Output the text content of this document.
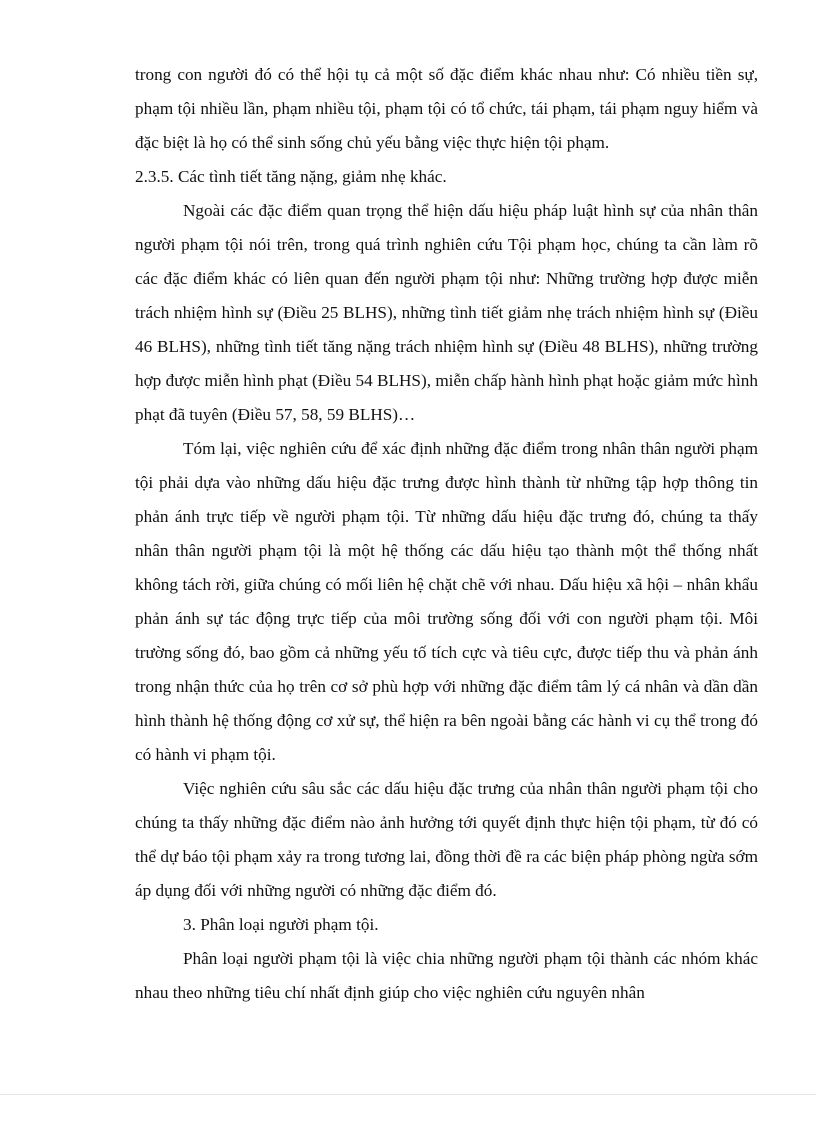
trong con người đó có thể hội tụ cả một số đặc điểm khác nhau như: Có nhiều tiền sự, phạm tội nhiều lần, phạm nhiều tội, phạm tội có tổ chức, tái phạm, tái phạm nguy hiểm và đặc biệt là họ có thể sinh sống chủ yếu bằng việc thực hiện tội phạm.

2.3.5. Các tình tiết tăng nặng, giảm nhẹ khác.

Ngoài các đặc điểm quan trọng thể hiện dấu hiệu pháp luật hình sự của nhân thân người phạm tội nói trên, trong quá trình nghiên cứu Tội phạm học, chúng ta cần làm rõ các đặc điểm khác có liên quan đến người phạm tội như: Những trường hợp được miễn trách nhiệm hình sự (Điều 25 BLHS), những tình tiết giảm nhẹ trách nhiệm hình sự (Điều 46 BLHS), những tình tiết tăng nặng trách nhiệm hình sự (Điều 48 BLHS), những trường hợp được miễn hình phạt (Điều 54 BLHS), miễn chấp hành hình phạt hoặc giảm mức hình phạt đã tuyên (Điều 57, 58, 59 BLHS)…

Tóm lại, việc nghiên cứu để xác định những đặc điểm trong nhân thân người phạm tội phải dựa vào những dấu hiệu đặc trưng được hình thành từ những tập hợp thông tin phản ánh trực tiếp về người phạm tội. Từ những dấu hiệu đặc trưng đó, chúng ta thấy nhân thân người phạm tội là một hệ thống các dấu hiệu tạo thành một thể thống nhất không tách rời, giữa chúng có mối liên hệ chặt chẽ với nhau. Dấu hiệu xã hội – nhân khẩu phản ánh sự tác động trực tiếp của môi trường sống đối với con người phạm tội. Môi trường sống đó, bao gồm cả những yếu tố tích cực và tiêu cực, được tiếp thu và phản ánh trong nhận thức của họ trên cơ sở phù hợp với những đặc điểm tâm lý cá nhân và dần dần hình thành hệ thống động cơ xử sự, thể hiện ra bên ngoài bằng các hành vi cụ thể trong đó có hành vi phạm tội.

Việc nghiên cứu sâu sắc các dấu hiệu đặc trưng của nhân thân người phạm tội cho chúng ta thấy những đặc điểm nào ảnh hưởng tới quyết định thực hiện tội phạm, từ đó có thể dự báo tội phạm xảy ra trong tương lai, đồng thời đề ra các biện pháp phòng ngừa sớm áp dụng đối với những người có những đặc điểm đó.

3. Phân loại người phạm tội.

Phân loại người phạm tội là việc chia những người phạm tội thành các nhóm khác nhau theo những tiêu chí nhất định giúp cho việc nghiên cứu nguyên nhân
